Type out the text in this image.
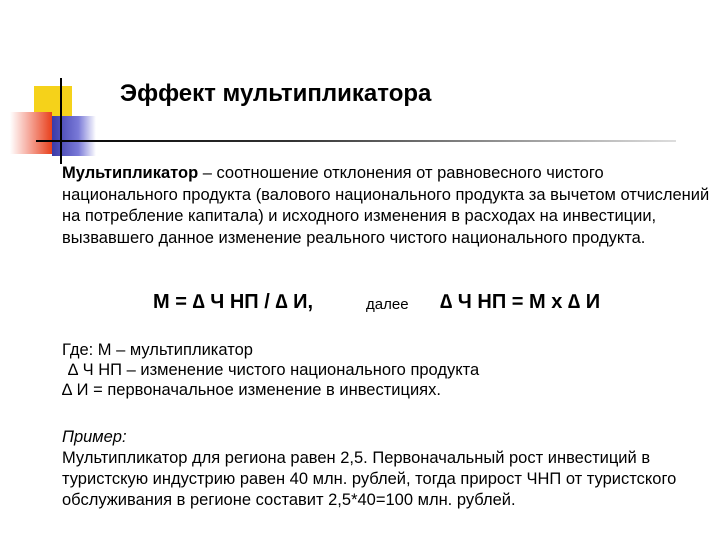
Эффект мультипликатора
Мультипликатор – соотношение отклонения от равновесного чистого национального продукта (валового национального продукта за вычетом отчислений на потребление капитала) и исходного изменения в расходах на инвестиции, вызвавшего данное изменение реального чистого национального продукта.
М = ∆ Ч НП / ∆ И,	далее ∆ Ч НП = М x ∆ И
Где: М – мультипликатор
∆ Ч НП – изменение чистого национального продукта
∆ И = первоначальное изменение в инвестициях.
Пример:
Мультипликатор для региона равен 2,5. Первоначальный рост инвестиций в туристскую индустрию равен 40 млн. рублей, тогда прирост ЧНП от туристского обслуживания в регионе составит 2,5*40=100 млн. рублей.
